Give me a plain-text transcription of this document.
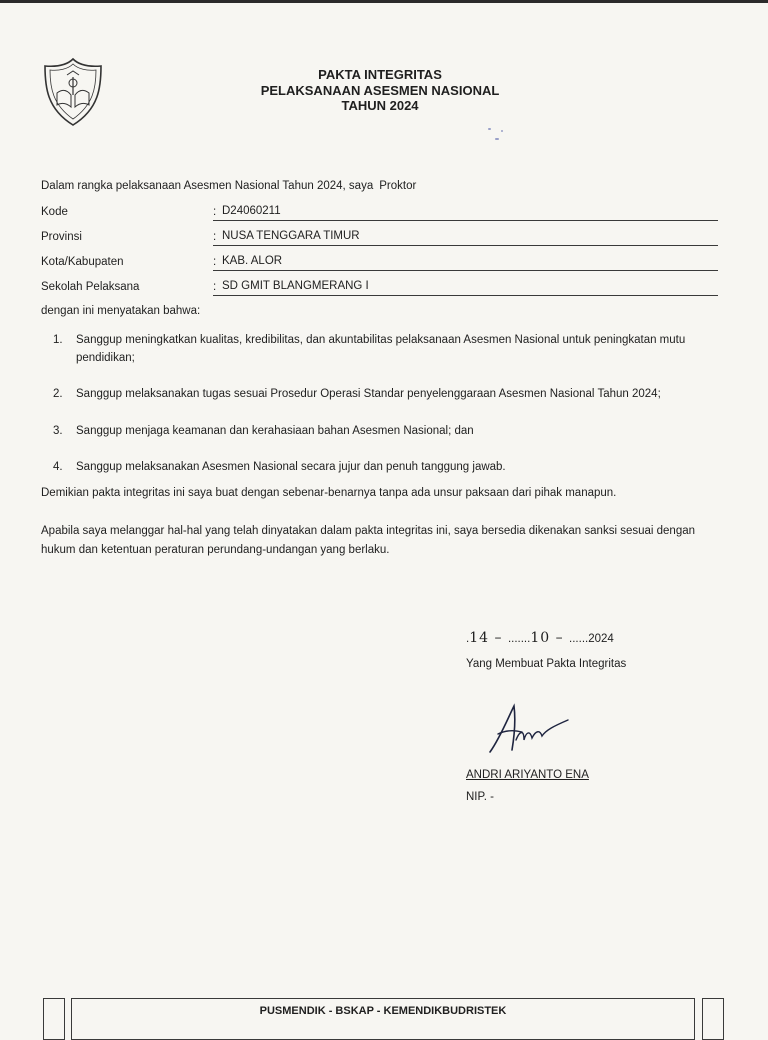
PAKTA INTEGRITAS
PELAKSANAAN ASESMEN NASIONAL
TAHUN 2024
Dalam rangka pelaksanaan Asesmen Nasional Tahun 2024, saya Proktor
Kode	: D24060211
Provinsi	: NUSA TENGGARA TIMUR
Kota/Kabupaten	: KAB. ALOR
Sekolah Pelaksana	: SD GMIT BLANGMERANG I
dengan ini menyatakan bahwa:
1.	Sanggup meningkatkan kualitas, kredibilitas, dan akuntabilitas pelaksanaan Asesmen Nasional untuk peningkatan mutu pendidikan;
2.	Sanggup melaksanakan tugas sesuai Prosedur Operasi Standar penyelenggaraan Asesmen Nasional Tahun 2024;
3.	Sanggup menjaga keamanan dan kerahasiaan bahan Asesmen Nasional; dan
4.	Sanggup melaksanakan Asesmen Nasional secara jujur dan penuh tanggung jawab.
Demikian pakta integritas ini saya buat dengan sebenar-benarnya tanpa ada unsur paksaan dari pihak manapun.
Apabila saya melanggar hal-hal yang telah dinyatakan dalam pakta integritas ini, saya bersedia dikenakan sanksi sesuai dengan hukum dan ketentuan peraturan perundang-undangan yang berlaku.
.14 – .......10 – ......2024
Yang Membuat Pakta Integritas
ANDRI ARIYANTO ENA
NIP. -
PUSMENDIK - BSKAP - KEMENDIKBUDRISTEK
